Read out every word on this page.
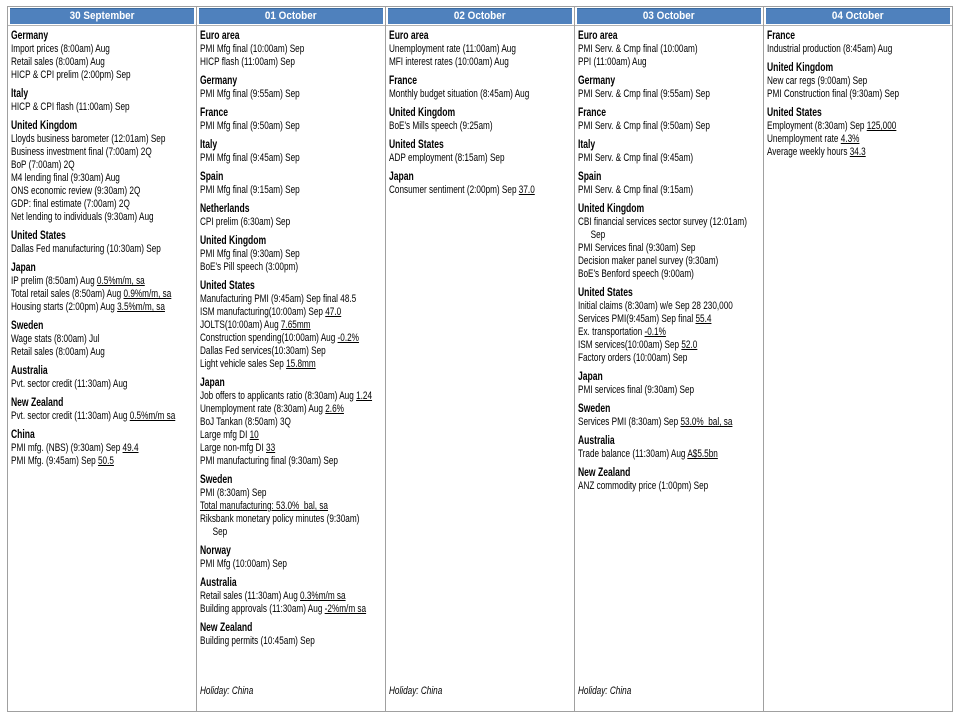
30 September
Germany
Import prices (8:00am) Aug
Retail sales (8:00am) Aug
HICP & CPI prelim (2:00pm) Sep
Italy
HICP & CPI flash (11:00am) Sep
United Kingdom
Lloyds business barometer (12:01am) Sep
Business investment final (7:00am) 2Q
BoP (7:00am) 2Q
M4 lending final (9:30am) Aug
ONS economic review (9:30am) 2Q
GDP: final estimate (7:00am) 2Q
Net lending to individuals (9:30am) Aug
United States
Dallas Fed manufacturing (10:30am) Sep
Japan
IP prelim (8:50am) Aug 0.5%m/m, sa
Total retail sales (8:50am) Aug 0.9%m/m, sa
Housing starts (2:00pm) Aug 3.5%m/m, sa
Sweden
Wage stats (8:00am) Jul
Retail sales (8:00am) Aug
Australia
Pvt. sector credit (11:30am) Aug
New Zealand
Pvt. sector credit (11:30am) Aug 0.5%m/m sa
China
PMI mfg. (NBS) (9:30am) Sep 49.4
PMI Mfg. (9:45am) Sep 50.5
01 October
Euro area
PMI Mfg final (10:00am) Sep
HICP flash (11:00am) Sep
Germany
PMI Mfg final (9:55am) Sep
France
PMI Mfg final (9:50am) Sep
Italy
PMI Mfg final (9:45am) Sep
Spain
PMI Mfg final (9:15am) Sep
Netherlands
CPI prelim (6:30am) Sep
United Kingdom
PMI Mfg final (9:30am) Sep
BoE's Pill speech (3:00pm)
United States
Manufacturing PMI (9:45am) Sep final 48.5
ISM manufacturing(10:00am) Sep 47.0
JOLTS(10:00am) Aug 7.65mm
Construction spending(10:00am) Aug -0.2%
Dallas Fed services(10:30am) Sep
Light vehicle sales Sep 15.8mm
Japan
Job offers to applicants ratio (8:30am) Aug 1.24
Unemployment rate (8:30am) Aug 2.6%
BoJ Tankan (8:50am) 3Q
Large mfg DI 10
Large non-mfg DI 33
PMI manufacturing final (9:30am) Sep
Sweden
PMI (8:30am) Sep
Total manufacturing: 53.0%  bal, sa
Riksbank monetary policy minutes (9:30am)
Sep
Norway
PMI Mfg (10:00am) Sep
Australia
Retail sales (11:30am) Aug 0.3%m/m sa
Building approvals (11:30am) Aug -2%m/m sa
New Zealand
Building permits (10:45am) Sep
Holiday: China
02 October
Euro area
Unemployment rate (11:00am) Aug
MFI interest rates (10:00am) Aug
France
Monthly budget situation (8:45am) Aug
United Kingdom
BoE's Mills speech (9:25am)
United States
ADP employment (8:15am) Sep
Japan
Consumer sentiment (2:00pm) Sep 37.0
Holiday: China
03 October
Euro area
PMI Serv. & Cmp final (10:00am)
PPI (11:00am) Aug
Germany
PMI Serv. & Cmp final (9:55am) Sep
France
PMI Serv. & Cmp final (9:50am) Sep
Italy
PMI Serv. & Cmp final (9:45am)
Spain
PMI Serv. & Cmp final (9:15am)
United Kingdom
CBI financial services sector survey (12:01am)
Sep
PMI Services final (9:30am) Sep
Decision maker panel survey (9:30am)
BoE's Benford speech (9:00am)
United States
Initial claims (8:30am) w/e Sep 28 230,000
Services PMI(9:45am) Sep final 55.4
Ex. transportation -0.1%
ISM services(10:00am) Sep 52.0
Factory orders (10:00am) Sep
Japan
PMI services final (9:30am) Sep
Sweden
Services PMI (8:30am) Sep 53.0%  bal, sa
Australia
Trade balance (11:30am) Aug A$5.5bn
New Zealand
ANZ commodity price (1:00pm) Sep
Holiday: China
04 October
France
Industrial production (8:45am) Aug
United Kingdom
New car regs (9:00am) Sep
PMI Construction final (9:30am) Sep
United States
Employment (8:30am) Sep 125,000
Unemployment rate 4.3%
Average weekly hours 34.3
